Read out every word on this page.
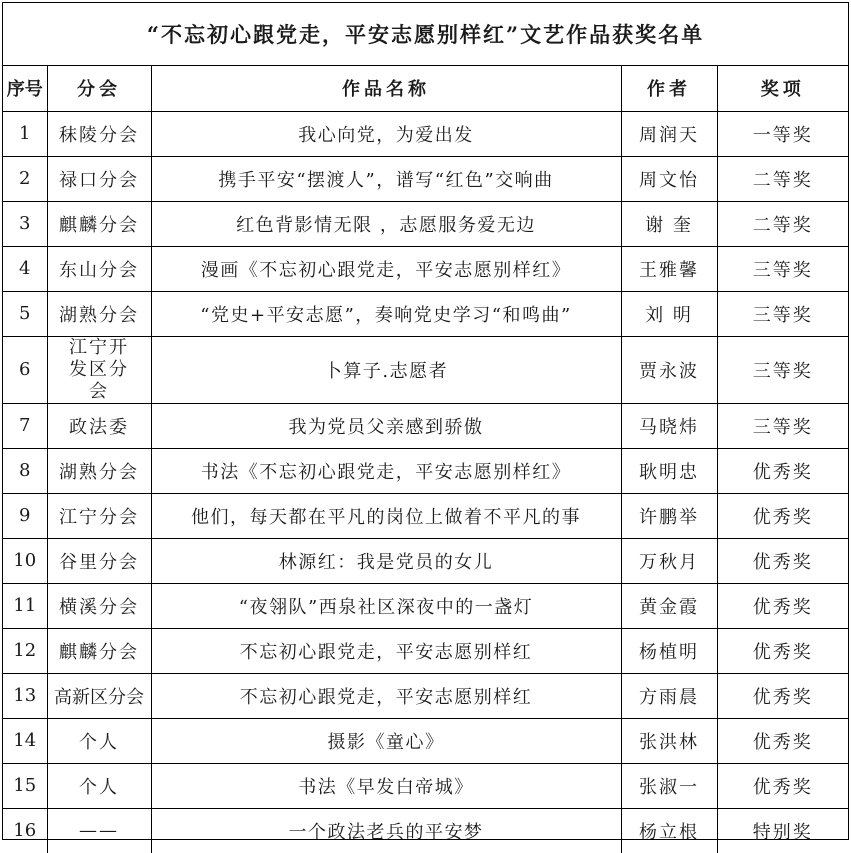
“不忘初心跟党走，平安志愿别样红”文艺作品获奖名单
序号	分会	作品名称	作者	奖项
1	秣陵分会	我心向党，为爱出发	周润天	一等奖
2	禄口分会	携手平安“摆渡人”，谱写“红色”交响曲	周文怡	二等奖
3	麒麟分会	红色背影情无限 ，志愿服务爱无边	谢 奎	二等奖
4	东山分会	漫画《不忘初心跟党走，平安志愿别样红》	王雅馨	三等奖
5	湖熟分会	“党史+平安志愿”，奏响党史学习“和鸣曲”	刘 明	三等奖
6	江宁开发区分会	卜算子.志愿者	贾永波	三等奖
7	政法委	我为党员父亲感到骄傲	马晓炜	三等奖
8	湖熟分会	书法《不忘初心跟党走，平安志愿别样红》	耿明忠	优秀奖
9	江宁分会	他们，每天都在平凡的岗位上做着不平凡的事	许鹏举	优秀奖
10	谷里分会	林源红：我是党员的女儿	万秋月	优秀奖
11	横溪分会	“夜翎队”西泉社区深夜中的一盏灯	黄金霞	优秀奖
12	麒麟分会	不忘初心跟党走，平安志愿别样红	杨植明	优秀奖
13	高新区分会	不忘初心跟党走，平安志愿别样红	方雨晨	优秀奖
14	个人	摄影《童心》	张洪林	优秀奖
15	个人	书法《早发白帝城》	张淑一	优秀奖
16	——	一个政法老兵的平安梦	杨立根	特别奖
